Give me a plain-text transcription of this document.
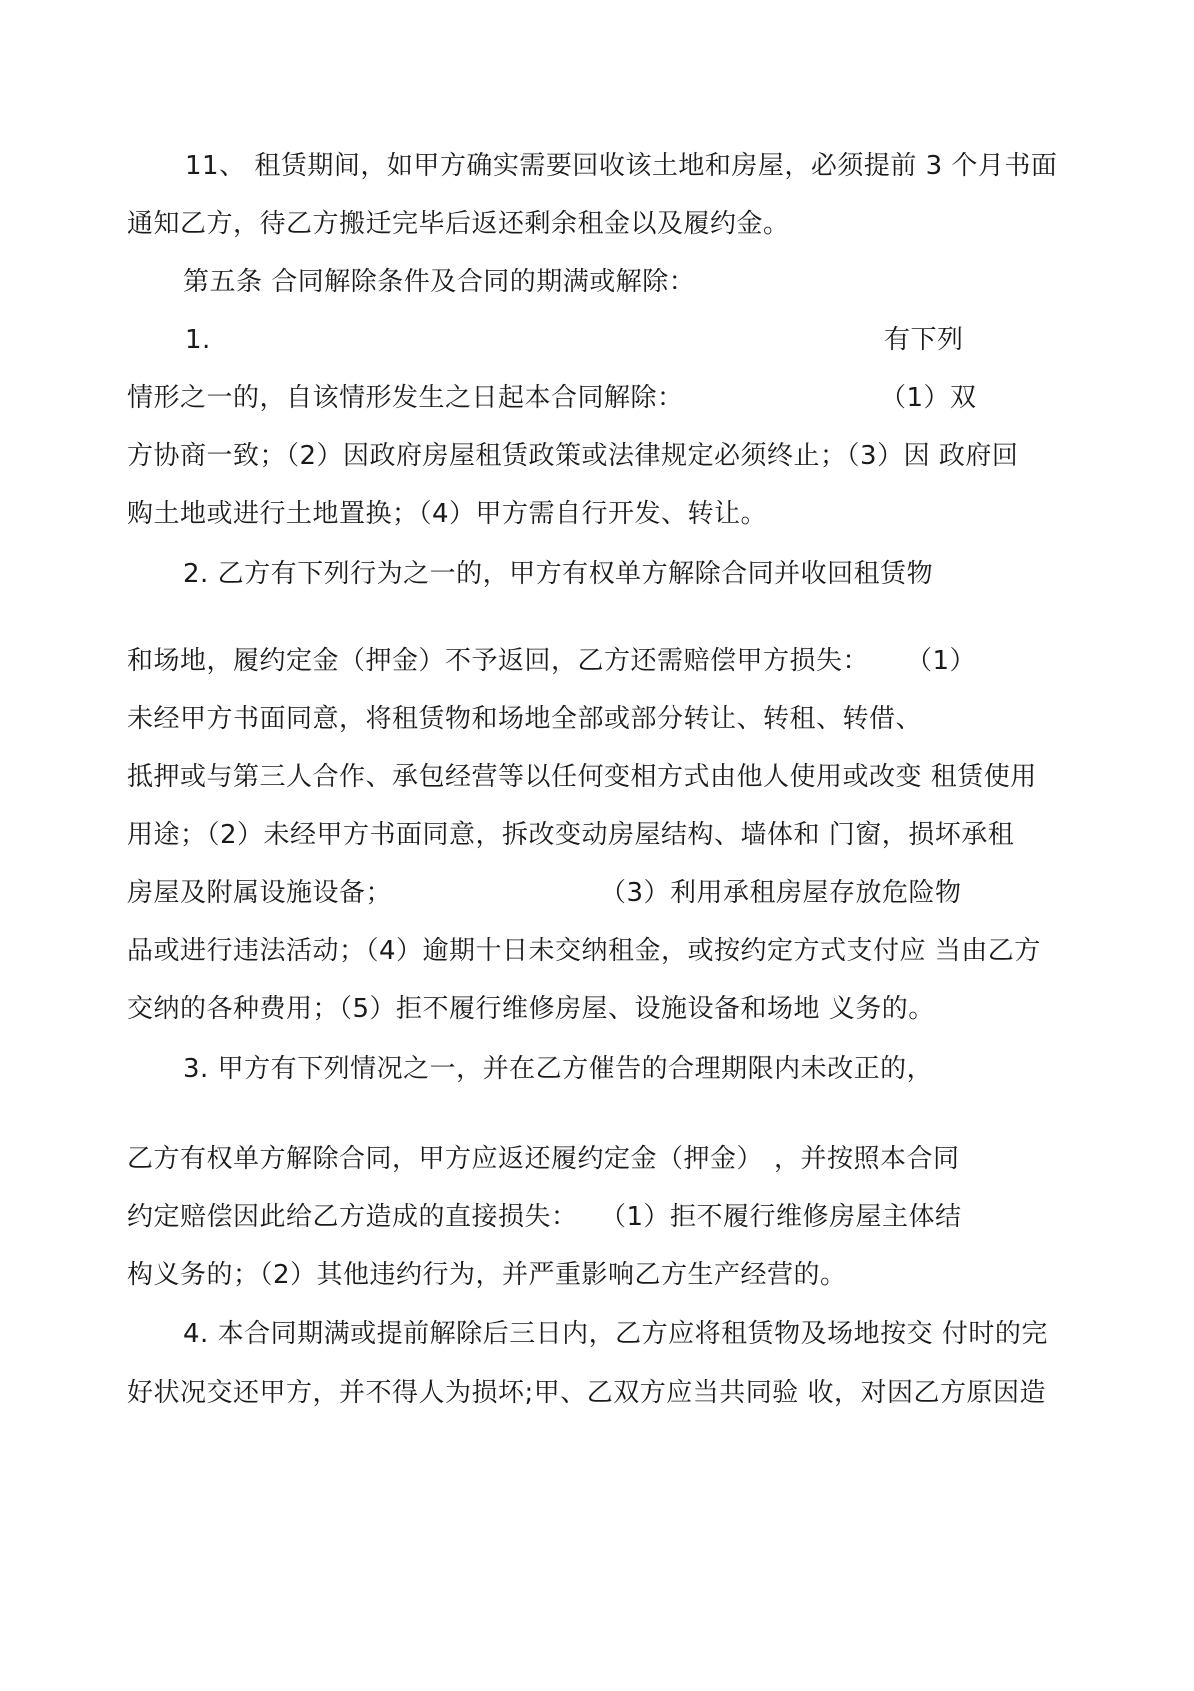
11、 租赁期间，如甲方确实需要回收该土地和房屋，必须提前 3 个月书面
通知乙方，待乙方搬迁完毕后返还剩余租金以及履约金。
第五条 合同解除条件及合同的期满或解除：
1.	有下列
情形之一的，自该情形发生之日起本合同解除：	（1）双
方协商一致；（2）因政府房屋租赁政策或法律规定必须终止；（3）因 政府回
购土地或进行土地置换；（4）甲方需自行开发、转让。
2. 乙方有下列行为之一的，甲方有权单方解除合同并收回租赁物
和场地，履约定金（押金）不予返回，乙方还需赔偿甲方损失： （1）
未经甲方书面同意，将租赁物和场地全部或部分转让、转租、转借、
抵押或与第三人合作、承包经营等以任何变相方式由他人使用或改变 租赁使用
用途；（2）未经甲方书面同意，拆改变动房屋结构、墙体和 门窗，损坏承租
房屋及附属设施设备；	（3）利用承租房屋存放危险物
品或进行违法活动；（4）逾期十日未交纳租金，或按约定方式支付应 当由乙方
交纳的各种费用；（5）拒不履行维修房屋、设施设备和场地 义务的。
3. 甲方有下列情况之一，并在乙方催告的合理期限内未改正的，
乙方有权单方解除合同，甲方应返还履约定金（押金） ，并按照本合同
约定赔偿因此给乙方造成的直接损失： （1）拒不履行维修房屋主体结
构义务的；（2）其他违约行为，并严重影响乙方生产经营的。
4. 本合同期满或提前解除后三日内，乙方应将租赁物及场地按交 付时的完
好状况交还甲方，并不得人为损坏;甲、乙双方应当共同验 收，对因乙方原因造
